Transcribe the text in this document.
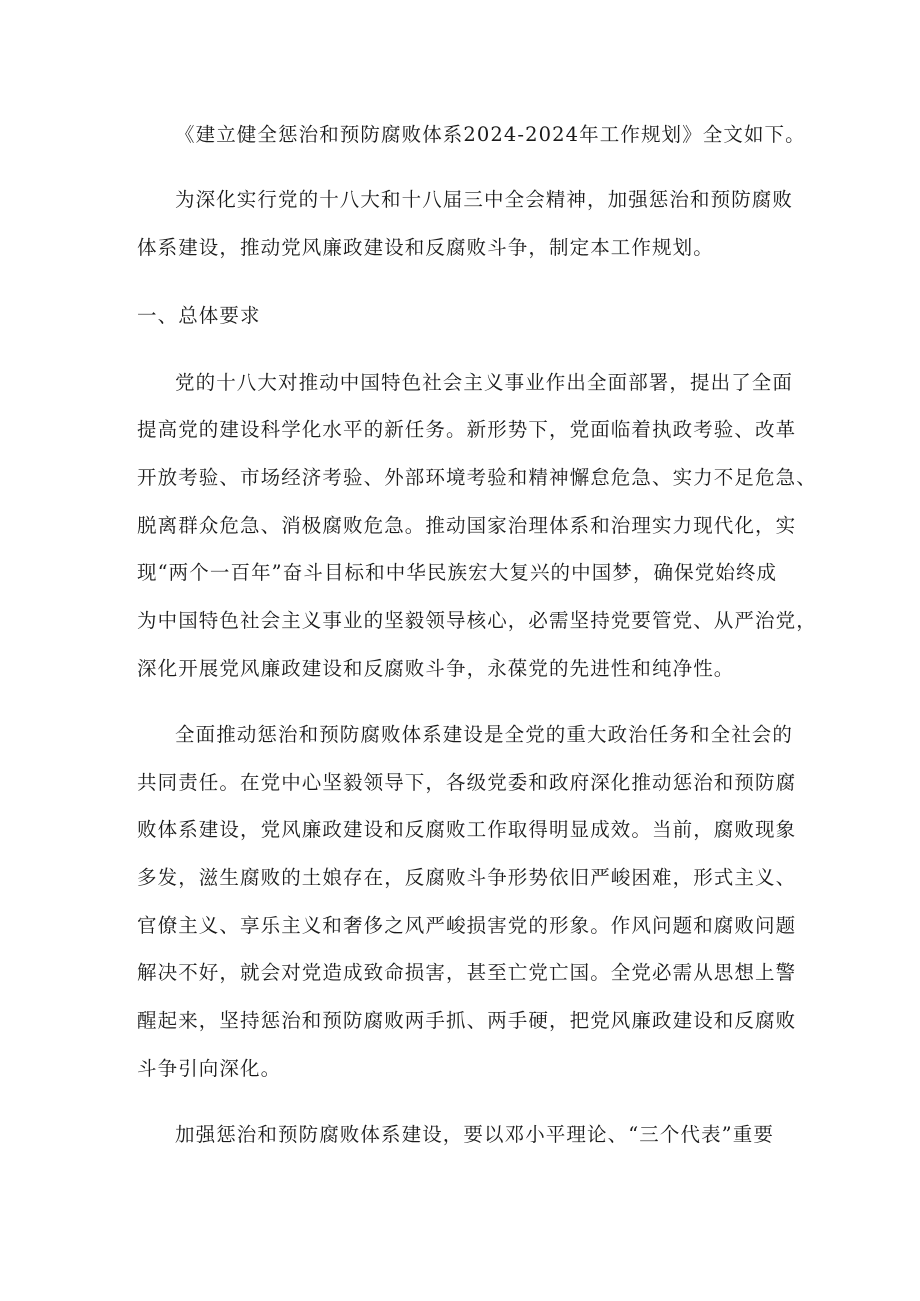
《建立健全惩治和预防腐败体系2024-2024年工作规划》全文如下。
为深化实行党的十八大和十八届三中全会精神，加强惩治和预防腐败
体系建设，推动党风廉政建设和反腐败斗争，制定本工作规划。
一、总体要求
党的十八大对推动中国特色社会主义事业作出全面部署，提出了全面
提高党的建设科学化水平的新任务。新形势下，党面临着执政考验、改革
开放考验、市场经济考验、外部环境考验和精神懈怠危急、实力不足危急、
脱离群众危急、消极腐败危急。推动国家治理体系和治理实力现代化，实
现“两个一百年”奋斗目标和中华民族宏大复兴的中国梦，确保党始终成
为中国特色社会主义事业的坚毅领导核心，必需坚持党要管党、从严治党，
深化开展党风廉政建设和反腐败斗争，永葆党的先进性和纯净性。
全面推动惩治和预防腐败体系建设是全党的重大政治任务和全社会的
共同责任。在党中心坚毅领导下，各级党委和政府深化推动惩治和预防腐
败体系建设，党风廉政建设和反腐败工作取得明显成效。当前，腐败现象
多发，滋生腐败的土娘存在，反腐败斗争形势依旧严峻困难，形式主义、
官僚主义、享乐主义和奢侈之风严峻损害党的形象。作风问题和腐败问题
解决不好，就会对党造成致命损害，甚至亡党亡国。全党必需从思想上警
醒起来，坚持惩治和预防腐败两手抓、两手硬，把党风廉政建设和反腐败
斗争引向深化。
加强惩治和预防腐败体系建设，要以邓小平理论、“三个代表”重要
